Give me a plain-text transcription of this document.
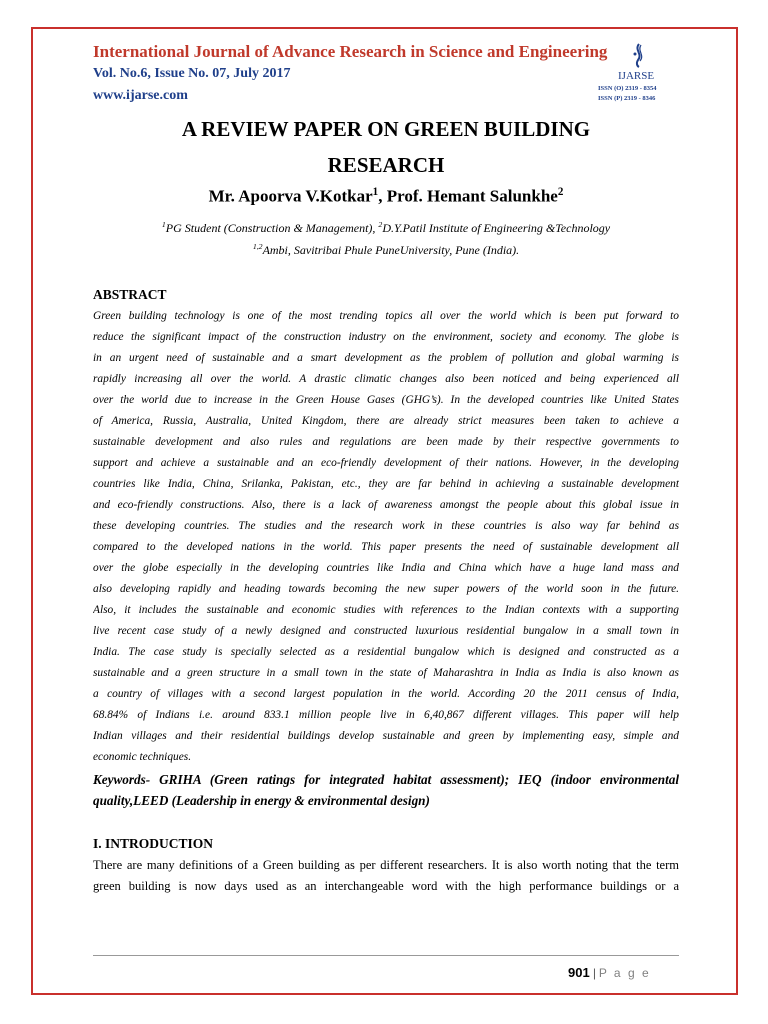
International Journal of Advance Research in Science and Engineering
Vol. No.6, Issue No. 07, July 2017
www.ijarse.com
IJARSE
ISSN (O) 2319 - 8354
ISSN (P) 2319 - 8346
A REVIEW PAPER ON GREEN BUILDING
RESEARCH
Mr. Apoorva V.Kotkar$^1$, Prof. Hemant Salunkhe$^2$
$^1$PG Student (Construction & Management), $^2$D.Y.Patil Institute of Engineering &Technology
$^{1,2}$Ambi, Savitribai Phule PuneUniversity, Pune (India).
ABSTRACT
Green building technology is one of the most trending topics all over the world which is been put forward to
reduce the significant impact of the construction industry on the environment, society and economy. The globe is
in an urgent need of sustainable and a smart development as the problem of pollution and global warming is
rapidly increasing all over the world. A drastic climatic changes also been noticed and being experienced all
over the world due to increase in the Green House Gases (GHG’s). In the developed countries like United States
of America, Russia, Australia, United Kingdom, there are already strict measures been taken to achieve a
sustainable development and also rules and regulations are been made by their respective governments to
support and achieve a sustainable and an eco-friendly development of their nations. However, in the developing
countries like India, China, Srilanka, Pakistan, etc., they are far behind in achieving a sustainable development
and eco-friendly constructions. Also, there is a lack of awareness amongst the people about this global issue in
these developing countries. The studies and the research work in these countries is also way far behind as
compared to the developed nations in the world. This paper presents the need of sustainable development all
over the globe especially in the developing countries like India and China which have a huge land mass and
also developing rapidly and heading towards becoming the new super powers of the world soon in the future.
Also, it includes the sustainable and economic studies with references to the Indian contexts with a supporting
live recent case study of a newly designed and constructed luxurious residential bungalow in a small town in
India. The case study is specially selected as a residential bungalow which is designed and constructed as a
sustainable and a green structure in a small town in the state of Maharashtra in India as India is also known as
a country of villages with a second largest population in the world. According 20 the 2011 census of India,
68.84% of Indians i.e. around 833.1 million people live in 6,40,867 different villages. This paper will help
Indian villages and their residential buildings develop sustainable and green by implementing easy, simple and
economic techniques.
Keywords- GRIHA (Green ratings for integrated habitat assessment); IEQ (indoor environmental
quality,LEED (Leadership in energy & environmental design)
I. INTRODUCTION
There are many definitions of a Green building as per different researchers. It is also worth noting that the term
green building is now days used as an interchangeable word with the high performance buildings or a
901 | P a g e
